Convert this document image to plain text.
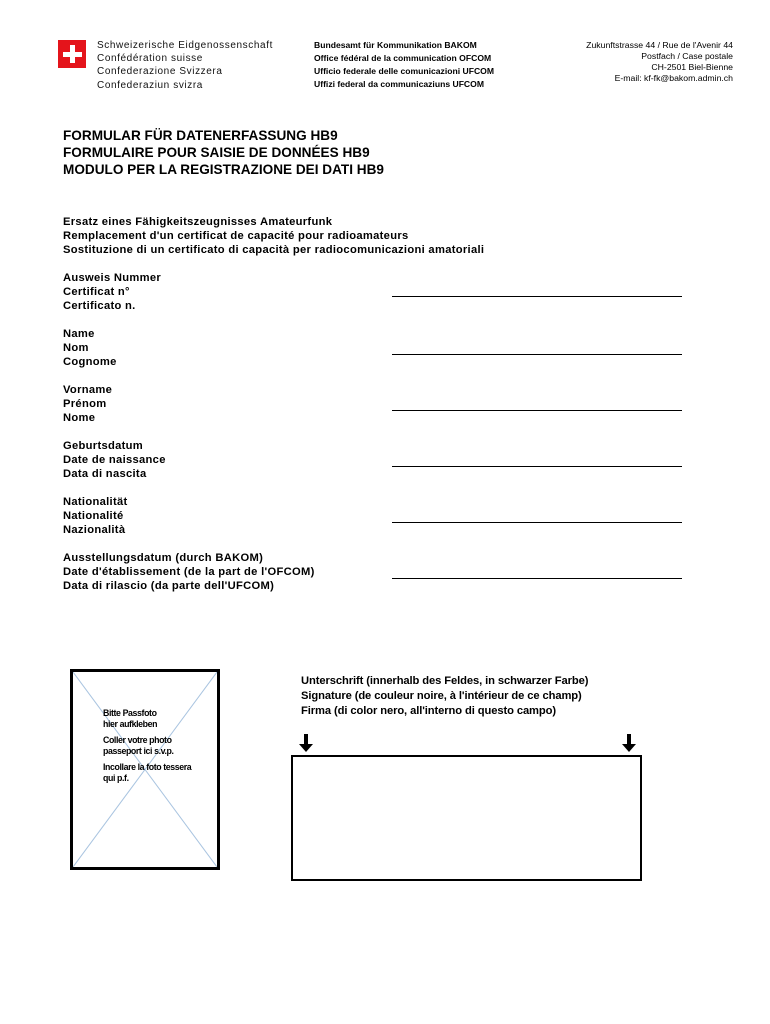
Schweizerische Eidgenossenschaft
Confédération suisse
Confederazione Svizzera
Confederaziun svizra
Bundesamt für Kommunikation BAKOM
Office fédéral de la communication OFCOM
Ufficio federale delle comunicazioni UFCOM
Uffizi federal da communicaziuns UFCOM
Zukunftstrasse 44 / Rue de l'Avenir 44
Postfach / Case postale
CH-2501 Biel-Bienne
E-mail: kf-fk@bakom.admin.ch
FORMULAR FÜR DATENERFASSUNG HB9
FORMULAIRE POUR SAISIE DE DONNÉES HB9
MODULO PER LA REGISTRAZIONE DEI DATI HB9
Ersatz eines Fähigkeitszeugnisses Amateurfunk
Remplacement d'un certificat de capacité pour radioamateurs
Sostituzione di un certificato di capacità per radiocomunicazioni amatoriali
Ausweis Nummer
Certificat n°
Certificato n.
Name
Nom
Cognome
Vorname
Prénom
Nome
Geburtsdatum
Date de naissance
Data di nascita
Nationalität
Nationalité
Nazionalità
Ausstellungsdatum (durch BAKOM)
Date d'établissement (de la part de l'OFCOM)
Data di rilascio (da parte dell'UFCOM)

Bitte Passfoto
hier aufkleben

Coller votre photo
passeport ici s.v.p.

Incollare la foto tessera
qui p.f.

Unterschrift (innerhalb des Feldes, in schwarzer Farbe)
Signature (de couleur noire, à l'intérieur de ce champ)
Firma (di color nero, all'interno di questo campo)
